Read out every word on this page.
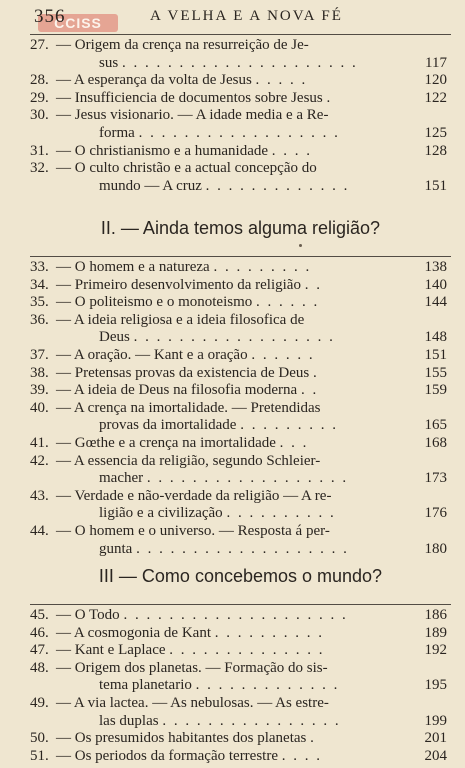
CCISS
356	A VELHA E A NOVA FÉ
27. — Origem da crença na resurreição de Je-
sus . . . . . . . . . . . . . . . . . . . . .	117
28. — A esperança da volta de Jesus . . . . .	120
29. — Insufficiencia de documentos sobre Jesus .	122
30. — Jesus visionario. — A idade media e a Re-
forma . . . . . . . . . . . . . . . . . .	125
31. — O christianismo e a humanidade . . . .	128
32. — O culto christão e a actual concepção do
mundo — A cruz . . . . . . . . . . . . .	151
II. — Ainda temos alguma religião?
33. — O homem e a natureza . . . . . . . . .	138
34. — Primeiro desenvolvimento da religião . .	140
35. — O politeismo e o monoteismo . . . . . .	144
36. — A ideia religiosa e a ideia filosofica de
Deus . . . . . . . . . . . . . . . . . .	148
37. — A oração. — Kant e a oração . . . . . .	151
38. — Pretensas provas da existencia de Deus .	155
39. — A ideia de Deus na filosofia moderna . .	159
40. — A crença na imortalidade. — Pretendidas
provas da imortalidade . . . . . . . . .	165
41. — Gœthe e a crença na imortalidade . . .	168
42. — A essencia da religião, segundo Schleier-
macher . . . . . . . . . . . . . . . . . .	173
43. — Verdade e não-verdade da religião — A re-
ligião e a civilização . . . . . . . . . .	176
44. — O homem e o universo. — Resposta á per-
gunta . . . . . . . . . . . . . . . . . . .	180
III — Como concebemos o mundo?
45. — O Todo . . . . . . . . . . . . . . . . . . . .	186
46. — A cosmogonia de Kant . . . . . . . . . .	189
47. — Kant e Laplace . . . . . . . . . . . . . .	192
48. — Origem dos planetas. — Formação do sis-
tema planetario . . . . . . . . . . . . .	195
49. — A via lactea. — As nebulosas. — As estre-
las duplas . . . . . . . . . . . . . . . .	199
50. — Os presumidos habitantes dos planetas .	201
51. — Os periodos da formação terrestre . . . .	204
